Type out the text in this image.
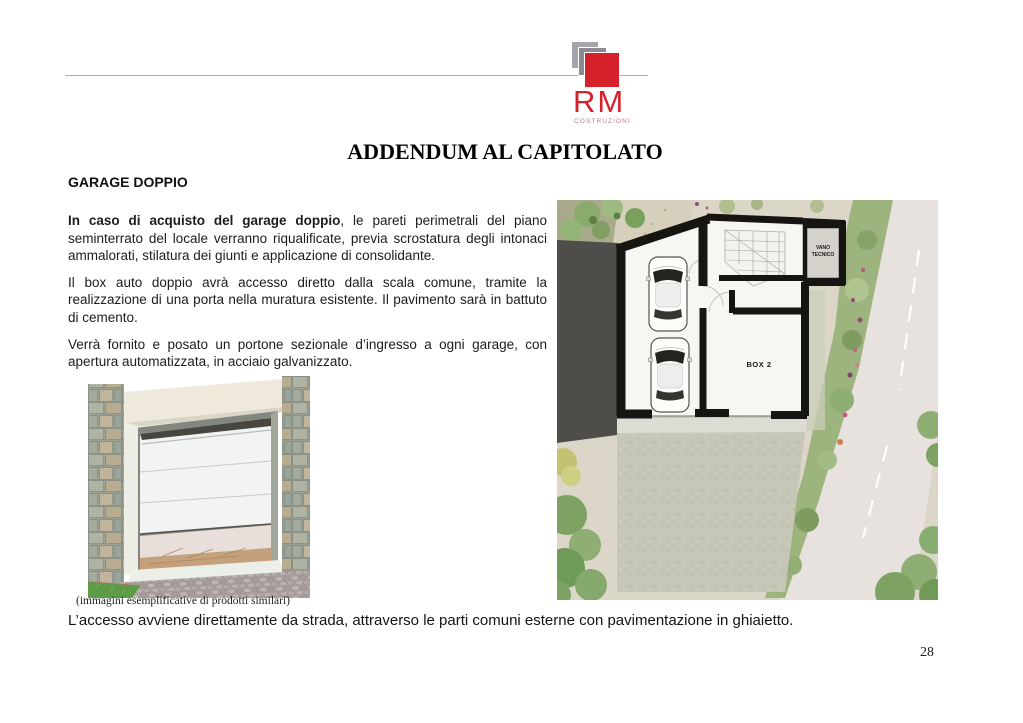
RM
COSTRUZIONI
ADDENDUM AL CAPITOLATO
GARAGE DOPPIO

In caso di acquisto del garage doppio, le pareti perimetrali del piano seminterrato del locale verranno riqualificate, previa scrostatura degli intonaci ammalorati, stilatura dei giunti e applicazione di consolidante.

Il box auto doppio avrà accesso diretto dalla scala comune, tramite la realizzazione di una porta nella muratura esistente. Il pavimento sarà in battuto di cemento.

Verrà fornito e posato un portone sezionale d’ingresso a ogni garage, con apertura automatizzata, in acciaio galvanizzato.	BOX 2
VANO
TECNICO
(immagini esemplificative di prodotti similari)
L’accesso avviene direttamente da strada, attraverso le parti comuni esterne con pavimentazione in ghiaietto.
28
